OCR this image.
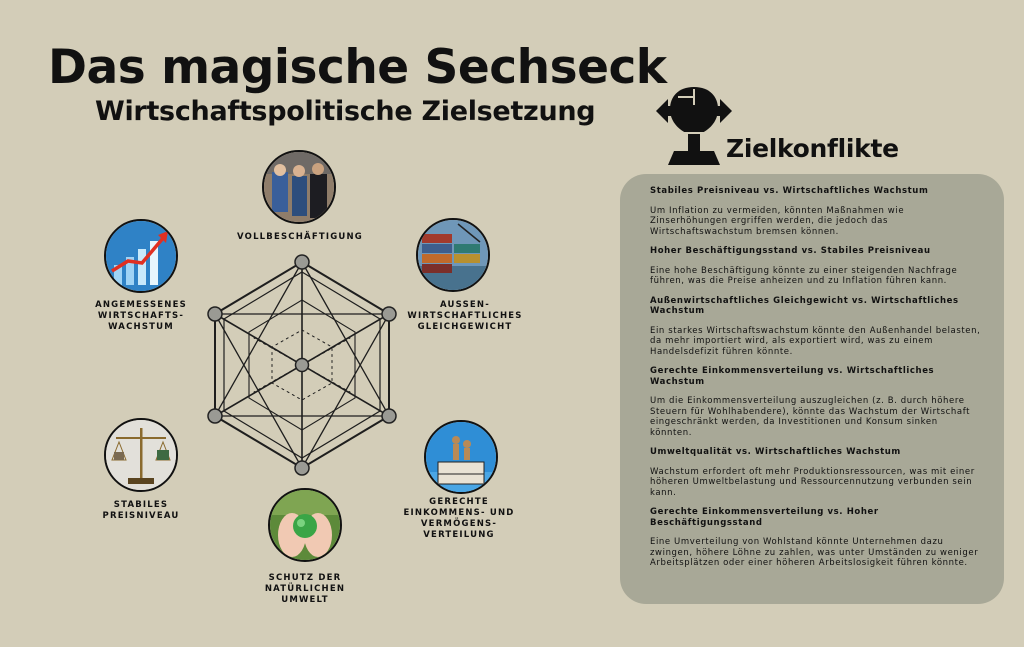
Das magische Sechseck
Wirtschaftspolitische Zielsetzung
VOLLBESCHÄFTIGUNG
AUSSEN-
WIRTSCHAFTLICHES
GLEICHGEWICHT
GERECHTE
EINKOMMENS- UND
VERMÖGENS-
VERTEILUNG
SCHUTZ DER
NATÜRLICHEN
UMWELT
STABILES
PREISNIVEAU
ANGEMESSENES
WIRTSCHAFTS-
WACHSTUM
Zielkonflikte

Stabiles Preisniveau vs. Wirtschaftliches Wachstum

Um Inflation zu vermeiden, könnten Maßnahmen wie Zinserhöhungen ergriffen werden, die jedoch das Wirtschaftswachstum bremsen können.

Hoher Beschäftigungsstand vs. Stabiles Preisniveau

Eine hohe Beschäftigung könnte zu einer steigenden Nachfrage führen, was die Preise anheizen und zu Inflation führen kann.

Außenwirtschaftliches Gleichgewicht vs. Wirtschaftliches Wachstum

Ein starkes Wirtschaftswachstum könnte den Außenhandel belasten, da mehr importiert wird, als exportiert wird, was zu einem Handelsdefizit führen könnte.

Gerechte Einkommensverteilung vs. Wirtschaftliches Wachstum

Um die Einkommensverteilung auszugleichen (z. B. durch höhere Steuern für Wohlhabendere), könnte das Wachstum der Wirtschaft eingeschränkt werden, da Investitionen und Konsum sinken könnten.

Umweltqualität vs. Wirtschaftliches Wachstum

Wachstum erfordert oft mehr Produktionsressourcen, was mit einer höheren Umweltbelastung und Ressourcennutzung verbunden sein kann.

Gerechte Einkommensverteilung vs. Hoher Beschäftigungsstand

Eine Umverteilung von Wohlstand könnte Unternehmen dazu zwingen, höhere Löhne zu zahlen, was unter Umständen zu weniger Arbeitsplätzen oder einer höheren Arbeitslosigkeit führen könnte.
